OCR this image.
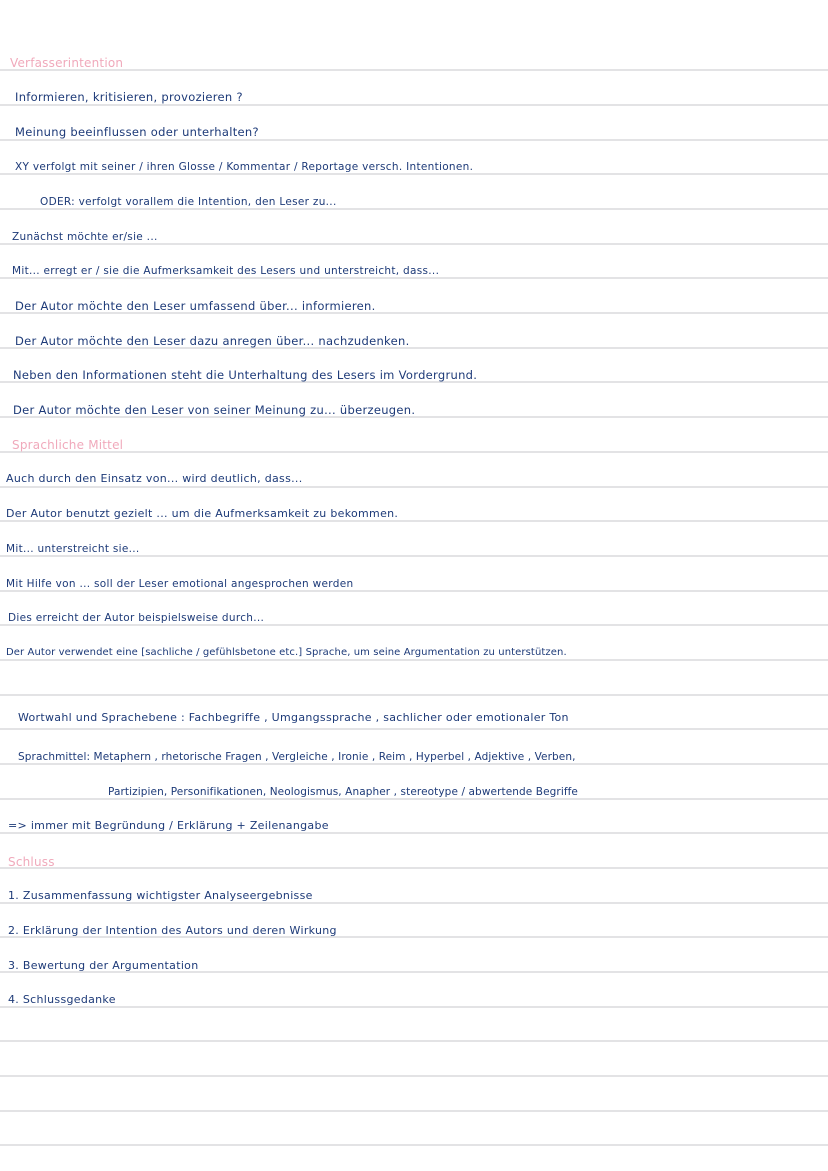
Verfasserintention
Informieren, kritisieren, provozieren ?
Meinung beeinflussen oder unterhalten?
XY verfolgt mit seiner / ihren Glosse / Kommentar / Reportage versch. Intentionen.
ODER: verfolgt vorallem die Intention, den Leser zu...
Zunächst möchte er/sie ...
Mit... erregt er / sie die Aufmerksamkeit des Lesers und unterstreicht, dass...
Der Autor möchte den Leser umfassend über... informieren.
Der Autor möchte den Leser dazu anregen über... nachzudenken.
Neben den Informationen steht die Unterhaltung des Lesers im Vordergrund.
Der Autor möchte den Leser von seiner Meinung zu... überzeugen.
Sprachliche Mittel
Auch durch den Einsatz von... wird deutlich, dass...
Der Autor benutzt gezielt ... um die Aufmerksamkeit zu bekommen.
Mit... unterstreicht sie...
Mit Hilfe von ... soll der Leser emotional angesprochen werden
Dies erreicht der Autor beispielsweise durch...
Der Autor verwendet eine [sachliche / gefühlsbetone etc.] Sprache, um seine Argumentation zu unterstützen.
Wortwahl und Sprachebene : Fachbegriffe , Umgangssprache , sachlicher oder emotionaler Ton
Sprachmittel: Metaphern , rhetorische Fragen , Vergleiche , Ironie , Reim , Hyperbel , Adjektive , Verben,
Partizipien, Personifikationen, Neologismus, Anapher , stereotype / abwertende Begriffe
=> immer mit Begründung / Erklärung + Zeilenangabe
Schluss
1. Zusammenfassung wichtigster Analyseergebnisse
2. Erklärung der Intention des Autors und deren Wirkung
3. Bewertung der Argumentation
4. Schlussgedanke
